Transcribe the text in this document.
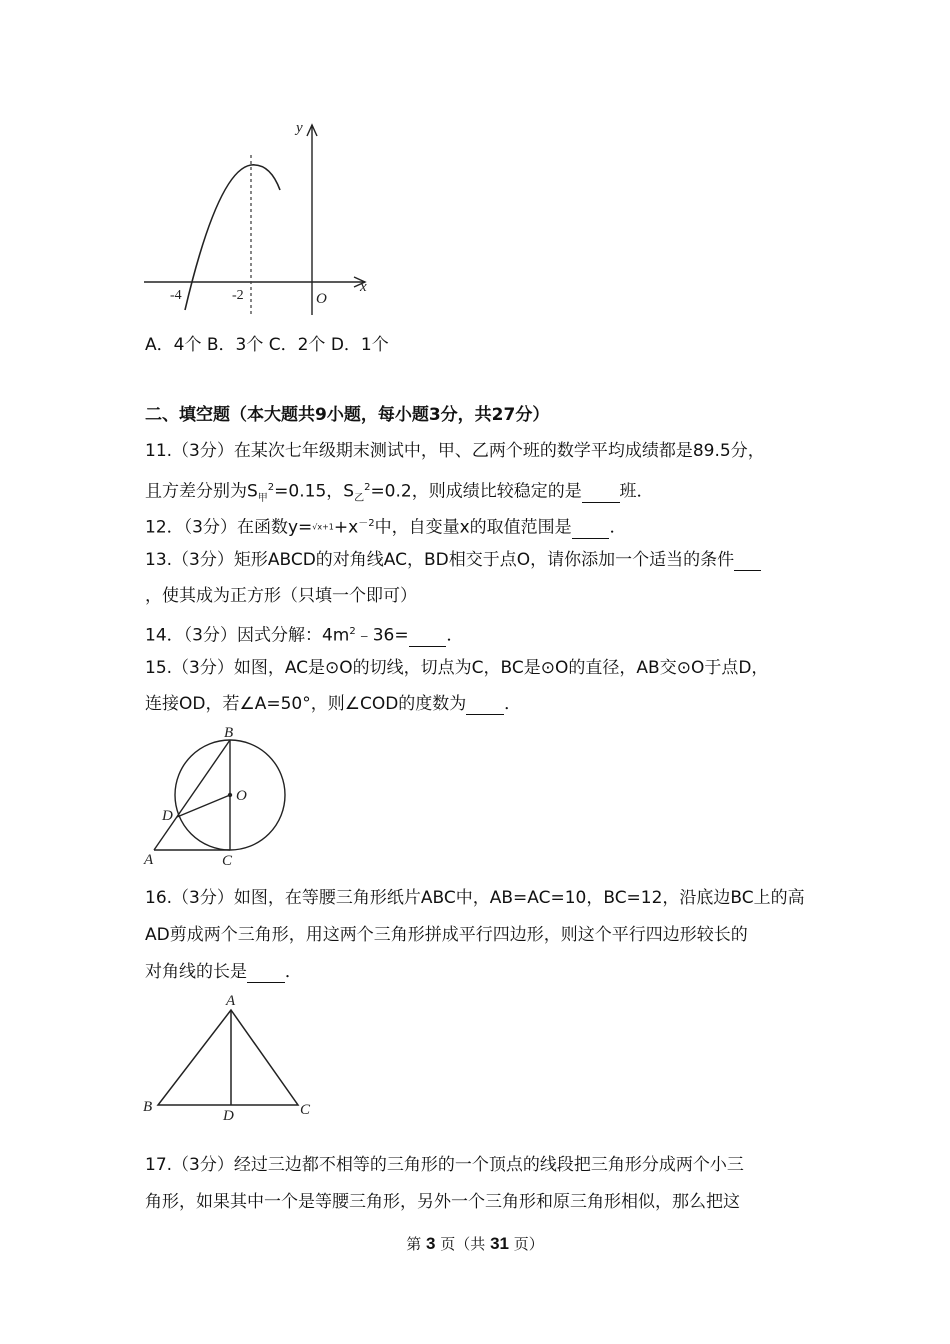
y
x
O
-4	-2
A．4个 B．3个 C．2个 D．1个
二、填空题（本大题共9小题，每小题3分，共27分）
11.（3分）在某次七年级期末测试中，甲、乙两个班的数学平均成绩都是89.5分，
且方差分别为$S_甲^2=0.15$，$S_乙^2=0.2$，则成绩比较稳定的是 班．
12．（3分）在函数$y=√x+1+x^{-2}$中，自变量x的取值范围是 ．
13.（3分）矩形ABCD的对角线AC，BD相交于点O，请你添加一个适当的条件
，使其成为正方形（只填一个即可）
14．（3分）因式分解：$4m^2﹣36=$ ．
15.（3分）如图，AC是⊙O的切线，切点为C，BC是⊙O的直径，AB交⊙O于点D，
连接OD，若∠A=50°，则∠COD的度数为 ．
B
O
D
A	C
16.（3分）如图，在等腰三角形纸片ABC中，AB=AC=10，BC=12，沿底边BC上的高
AD剪成两个三角形，用这两个三角形拼成平行四边形，则这个平行四边形较长的
对角线的长是 ．
A
B
D	C
17.（3分）经过三边都不相等的三角形的一个顶点的线段把三角形分成两个小三
角形，如果其中一个是等腰三角形，另外一个三角形和原三角形相似，那么把这
第 3 页（共 31 页）
